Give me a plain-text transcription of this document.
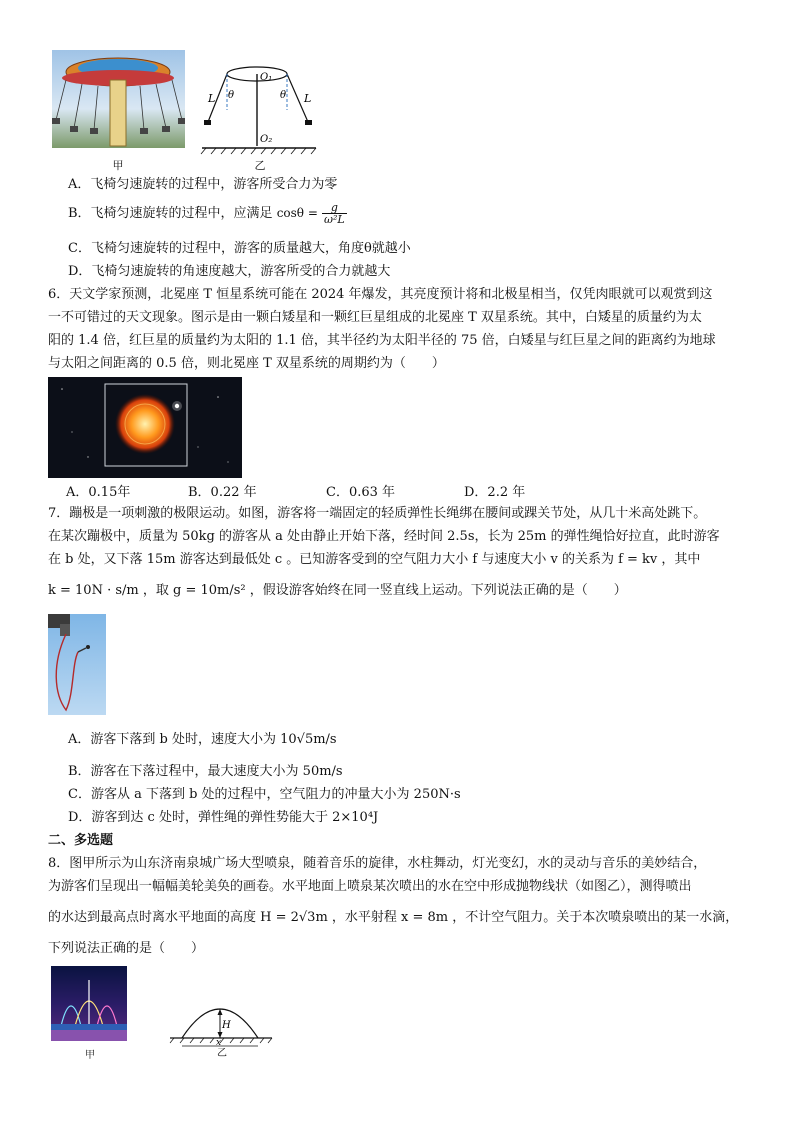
甲
L	L
θ	θ
O₁
O₂
乙
A．飞椅匀速旋转的过程中，游客所受合力为零
B．飞椅匀速旋转的过程中，应满足 $\cos\theta = \frac{g}{\text{ω²L}}$
C．飞椅匀速旋转的过程中，游客的质量越大，角度θ就越小
D．飞椅匀速旋转的角速度越大，游客所受的合力就越大
6．天文学家预测，北冕座 T 恒星系统可能在 2024 年爆发，其亮度预计将和北极星相当，仅凭肉眼就可以观赏到这
一不可错过的天文现象。图示是由一颗白矮星和一颗红巨星组成的北冕座 T 双星系统。其中，白矮星的质量约为太
阳的 1.4 倍，红巨星的质量约为太阳的 1.1 倍，其半径约为太阳半径的 75 倍，白矮星与红巨星之间的距离约为地球
与太阳之间距离的 0.5 倍，则北冕座 T 双星系统的周期约为（　　）
A．0.15年	B．0.22 年	C．0.63 年	D．2.2 年
7．蹦极是一项刺激的极限运动。如图，游客将一端固定的轻质弹性长绳绑在腰间或踝关节处，从几十米高处跳下。
在某次蹦极中，质量为 50kg 的游客从 a 处由静止开始下落，经时间 2.5s，长为 25m 的弹性绳恰好拉直，此时游客
在 b 处，又下落 15m 游客达到最低处 c 。已知游客受到的空气阻力大小 f 与速度大小 v 的关系为 f = kv ，其中
k = 10N · s/m ，取 g = 10m/s² ，假设游客始终在同一竖直线上运动。下列说法正确的是（　　）
A．游客下落到 b 处时，速度大小为 10√5m/s
B．游客在下落过程中，最大速度大小为 50m/s
C．游客从 a 下落到 b 处的过程中，空气阻力的冲量大小为 250N·s
D．游客到达 c 处时，弹性绳的弹性势能大于 2×10⁴J
二、多选题
8．图甲所示为山东济南泉城广场大型喷泉，随着音乐的旋律，水柱舞动，灯光变幻，水的灵动与音乐的美妙结合，
为游客们呈现出一幅幅美轮美奂的画卷。水平地面上喷泉某次喷出的水在空中形成抛物线状（如图乙），测得喷出
的水达到最高点时离水平地面的高度 H = 2√3m ，水平射程 x = 8m ，不计空气阻力。关于本次喷泉喷出的某一水滴，
下列说法正确的是（　　）
甲
H
x
乙
